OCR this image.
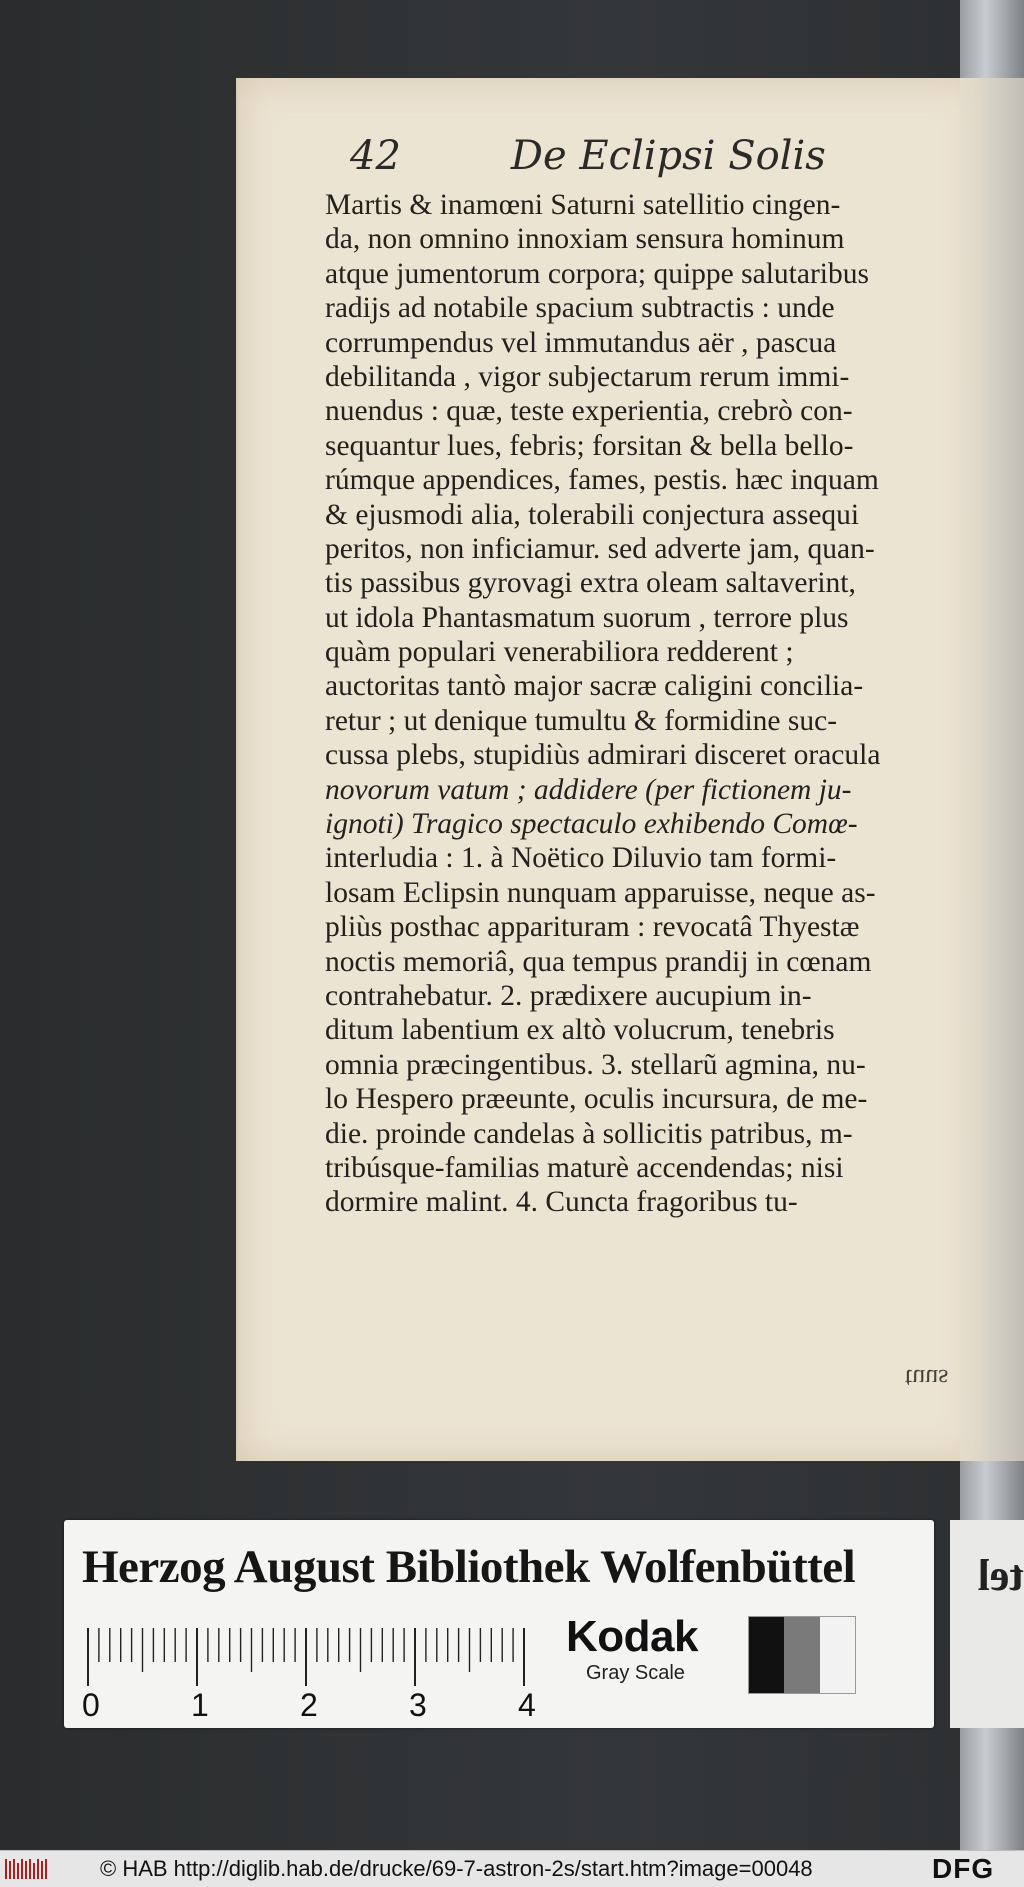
42	De Eclipsi Solis
Martis & inamœni Saturni satellitio cingen-
da, non omnino innoxiam sensura hominum
atque jumentorum corpora; quippe salutaribus
radijs ad notabile spacium subtractis : unde
corrumpendus vel immutandus aër , pascua
debilitanda , vigor subjectarum rerum immi-
nuendus : quæ, teste experientia, crebrò con-
sequantur lues, febris; forsitan & bella bello-
rúmque appendices, fames, pestis. hæc inquam
& ejusmodi alia, tolerabili conjectura assequi
peritos, non inficiamur. sed adverte jam, quan-
tis passibus gyrovagi extra oleam saltaverint,
ut idola Phantasmatum suorum , terrore plus
quàm populari venerabiliora redderent ;
auctoritas tantò major sacræ caligini concilia-
retur ; ut denique tumultu & formidine suc-
cussa plebs, stupidiùs admirari disceret oracula
novorum vatum ; addidere (per fictionem ju-
ignoti) Tragico spectaculo exhibendo Comœ-
interludia : 1. à Noëtico Diluvio tam formi-
losam Eclipsin nunquam apparuisse, neque as-
pliùs posthac apparituram : revocatâ Thyestæ
noctis memoriâ, qua tempus prandij in cœnam
contrahebatur. 2. prædixere aucupium in-
ditum labentium ex altò volucrum, tenebris
omnia præcingentibus. 3. stellarũ agmina, nu-
lo Hespero præeunte, oculis incursura, de me-
die. proinde candelas à sollicitis patribus, m-
tribúsque-familias maturè accendendas; nisi
dormire malint. 4. Cuncta fragoribus tu-
tuus
tel
Herzog August Bibliothek Wolfenbüttel
0	1	2	3	4
Kodak
Gray Scale
© HAB http://diglib.hab.de/drucke/69-7-astron-2s/start.htm?image=00048	DFG
